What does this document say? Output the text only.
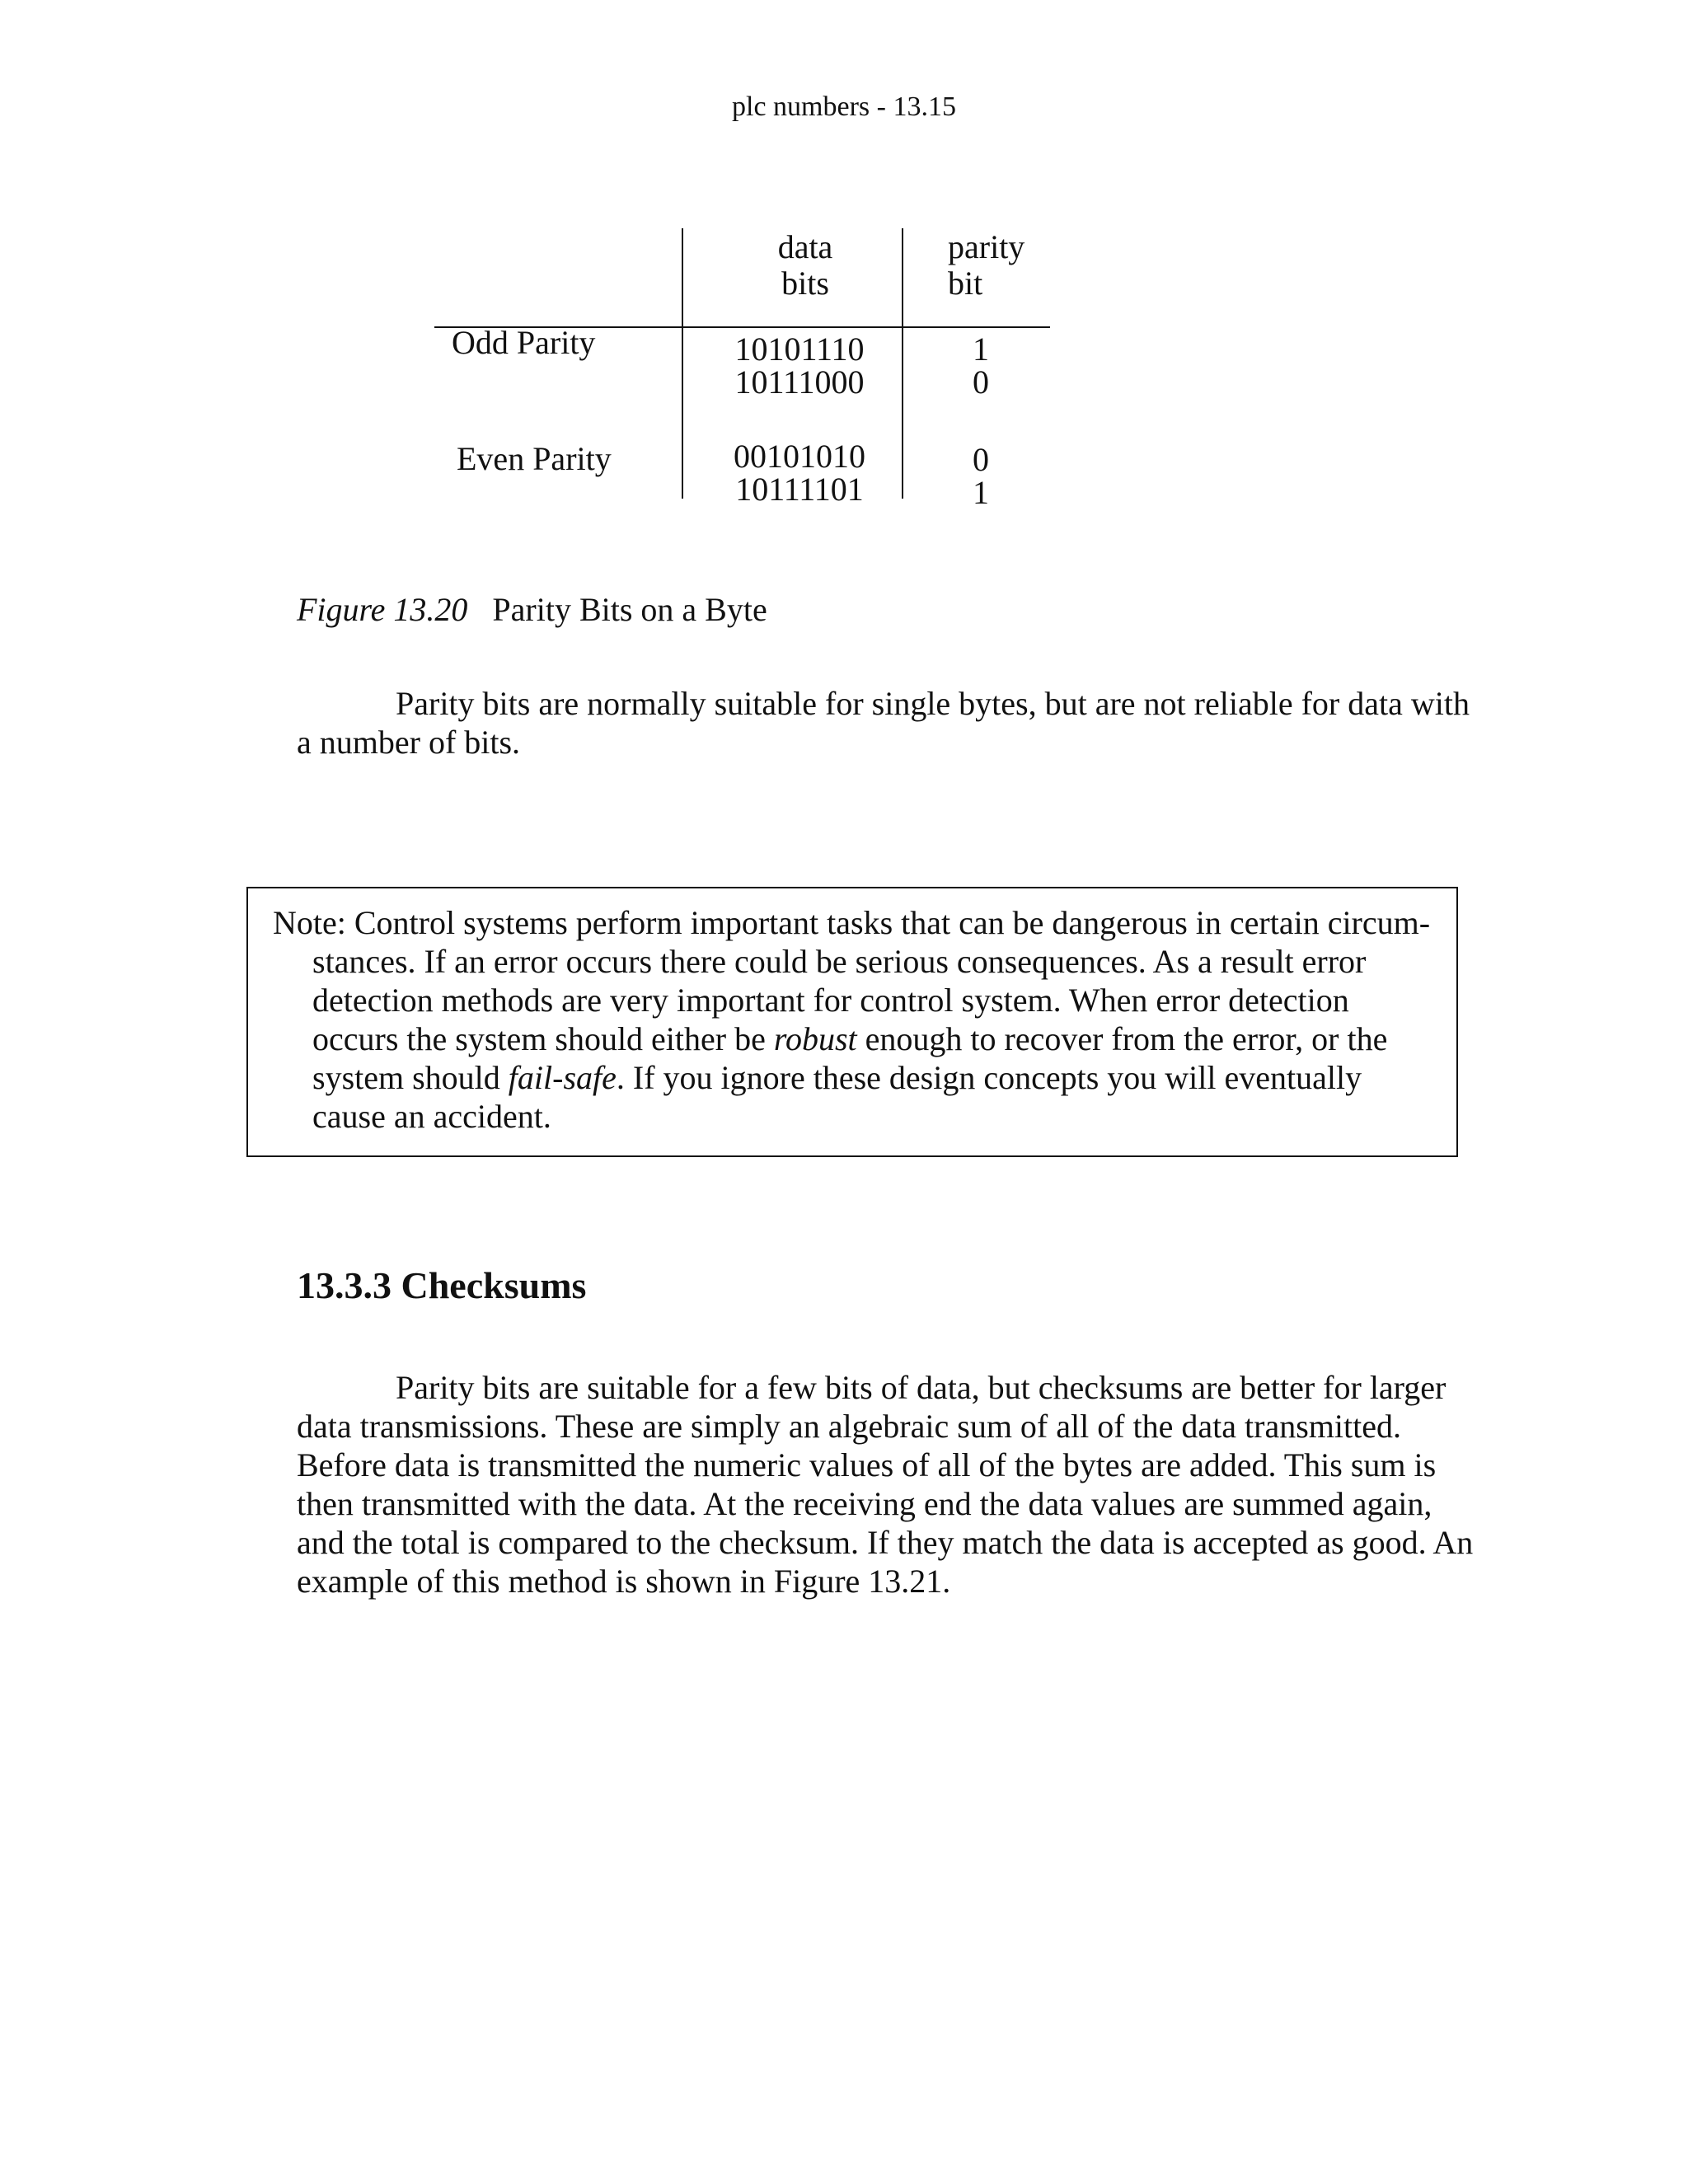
plc numbers - 13.15
data
bits
parity
bit
Odd Parity
Even Parity
10101110
10111000
1
0
00101010
10111101
0
1
Figure 13.20 Parity Bits on a Byte
Parity bits are normally suitable for single bytes, but are not reliable for data with a number of bits.
Note: Control systems perform important tasks that can be dangerous in certain circumstances. If an error occurs there could be serious consequences. As a result error detection methods are very important for control system. When error detection occurs the system should either be robust enough to recover from the error, or the system should fail-safe. If you ignore these design concepts you will eventually cause an accident.
13.3.3 Checksums
Parity bits are suitable for a few bits of data, but checksums are better for larger data transmissions. These are simply an algebraic sum of all of the data transmitted. Before data is transmitted the numeric values of all of the bytes are added. This sum is then transmitted with the data. At the receiving end the data values are summed again, and the total is compared to the checksum. If they match the data is accepted as good. An example of this method is shown in Figure 13.21.
